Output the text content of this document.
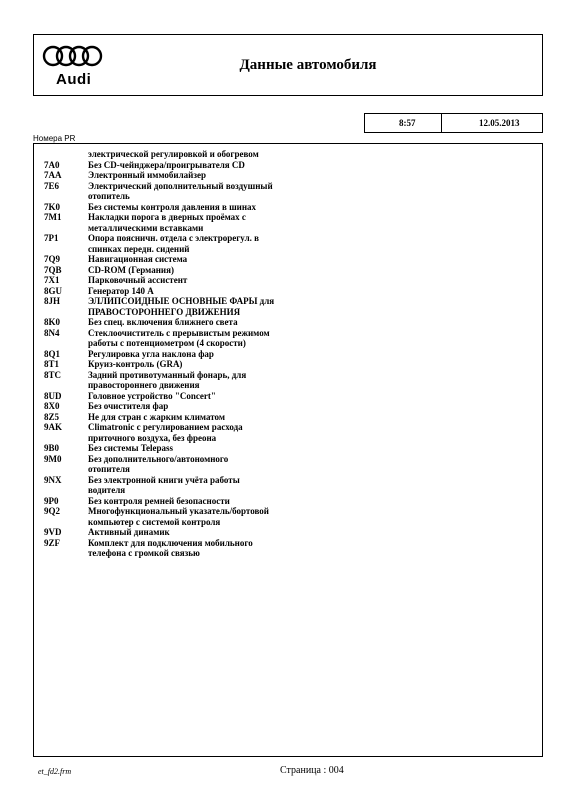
Audi
Данные автомобиля
8:57	12.05.2013
Номера PR
электрической регулировкой и обогревом
7A0	Без CD-чейнджера/проигрывателя CD
7AA	Электронный иммобилайзер
7E6	Электрический дополнительный воздушный
отопитель
7K0	Без системы контроля давления в шинах
7M1	Накладки порога в дверных проёмах с
металлическими вставками
7P1	Опора поясничн. отдела с электрорегул. в
спинках передн. сидений
7Q9	Навигационная система
7QB	CD-ROM (Германия)
7X1	Парковочный ассистент
8GU	Генератор 140 A
8JH	ЭЛЛИПСОИДНЫЕ ОСНОВНЫЕ ФАРЫ для
ПРАВОСТОРОННЕГО ДВИЖЕНИЯ
8K0	Без спец. включения ближнего света
8N4	Стеклоочиститель с прерывистым режимом
работы с потенциометром (4 скорости)
8Q1	Регулировка угла наклона фар
8T1	Круиз-контроль (GRA)
8TC	Задний противотуманный фонарь, для
правостороннего движения
8UD	Головное устройство "Concert"
8X0	Без очистителя фар
8Z5	Не для стран с жарким климатом
9AK	Climatronic с регулированием расхода
приточного воздуха, без фреона
9B0	Без системы Telepass
9M0	Без дополнительного/автономного
отопителя
9NX	Без электронной книги учёта работы
водителя
9P0	Без контроля ремней безопасности
9Q2	Многофункциональный указатель/бортовой
компьютер с системой контроля
9VD	Активный динамик
9ZF	Комплект для подключения мобильного
телефона с громкой связью
et_fd2.frm	Страница : 004
